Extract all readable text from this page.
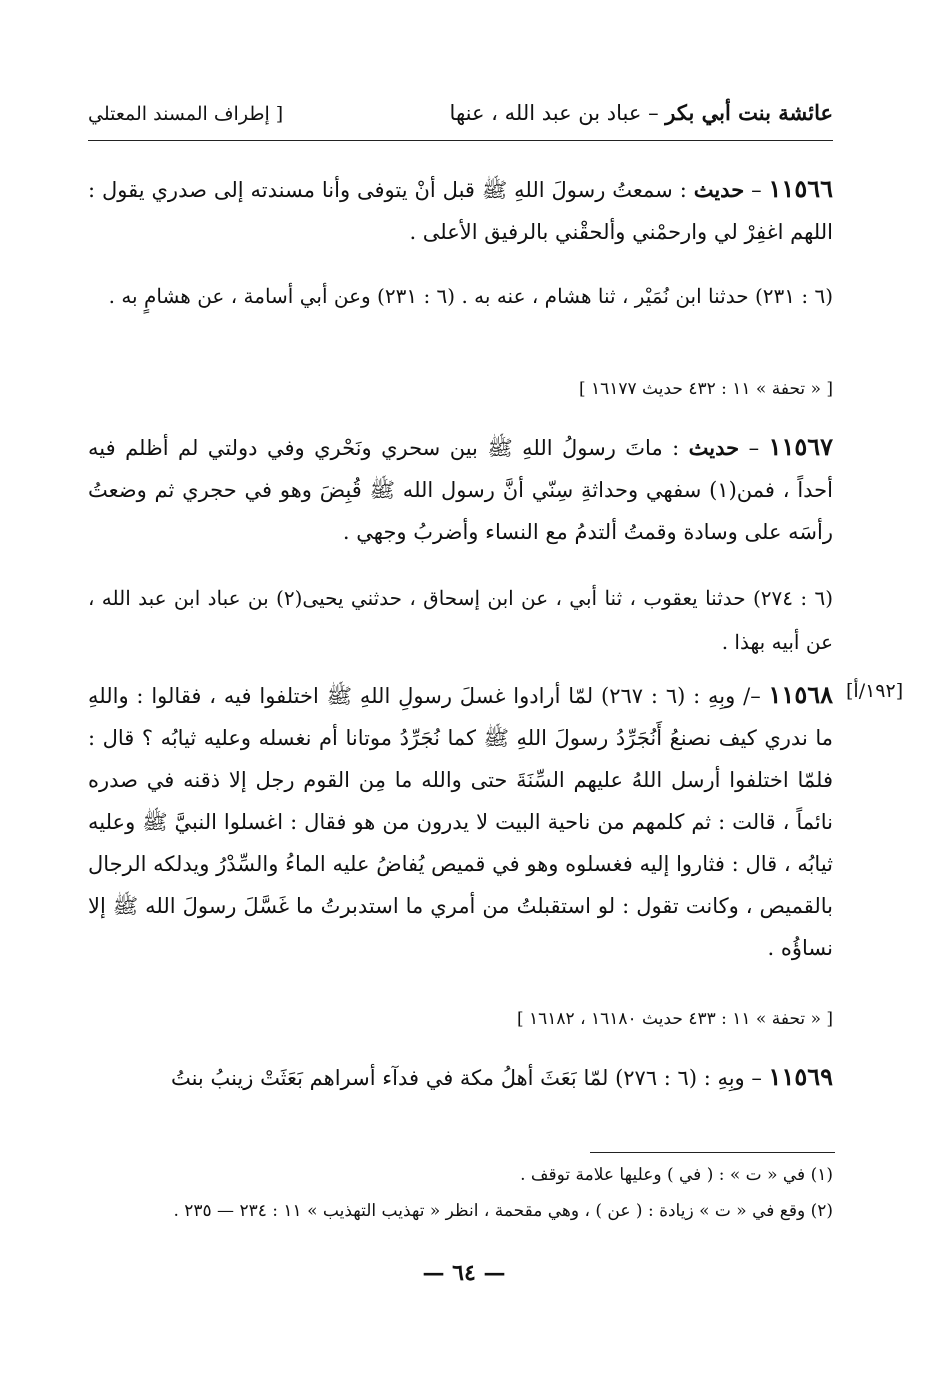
عائشة بنت أبي بكر – عباد بن عبد الله ، عنها
[ إطراف المسند المعتلي
١١٥٦٦ – حديث : سمعتُ رسولَ اللهِ ﷺ قبل أنْ يتوفى وأنا مسندته إلى صدري يقول : اللهم اغفِرْ لي وارحمْني وألحقْني بالرفيق الأعلى .
(٦ : ٢٣١) حدثنا ابن نُمَيْر ، ثنا هشام ، عنه به . (٦ : ٢٣١) وعن أبي أسامة ، عن هشامٍ به .
[ « تحفة » ١١ : ٤٣٢ حديث ١٦١٧٧ ]
١١٥٦٧ – حديث : ماتَ رسولُ اللهِ ﷺ بين سحري ونَحْري وفي دولتي لم أظلم فيه أحداً ، فمن(١) سفهي وحداثةِ سِنّي أنَّ رسول الله ﷺ قُبِضَ وهو في حجري ثم وضعتُ رأسَه على وسادة وقمتُ ألتدمُ مع النساء وأضربُ وجهي .
(٦ : ٢٧٤) حدثنا يعقوب ، ثنا أبي ، عن ابن إسحاق ، حدثني يحيى(٢) بن عباد ابن عبد الله ، عن أبيه بهذا .
[١٩٢/أ]
١١٥٦٨ –/ وبِهِ : (٦ : ٢٦٧) لمّا أرادوا غسلَ رسولِ اللهِ ﷺ اختلفوا فيه ، فقالوا : واللهِ ما ندري كيف نصنعُ أَنُجَرِّدُ رسولَ اللهِ ﷺ كما نُجَرِّدُ موتانا أم نغسله وعليه ثيابُه ؟ قال : فلمّا اختلفوا أرسل اللهُ عليهم السِّنَةَ حتى والله ما مِن القوم رجل إلا ذقنه في صدره نائماً ، قالت : ثم كلمهم من ناحية البيت لا يدرون من هو فقال : اغسلوا النبيَّ ﷺ وعليه ثيابُه ، قال : فثاروا إليه فغسلوه وهو في قميص يُفاضُ عليه الماءُ والسِّدْرُ ويدلكه الرجال بالقميص ، وكانت تقول : لو استقبلتُ من أمري ما استدبرتُ ما غَسَّلَ رسولَ الله ﷺ إلا نساؤُه .
[ « تحفة » ١١ : ٤٣٣ حديث ١٦١٨٠ ، ١٦١٨٢ ]
١١٥٦٩ – وبِهِ : (٦ : ٢٧٦) لمّا بَعَثَ أهلُ مكة في فدآء أسراهم بَعَثَتْ زينبُ بنتُ
(١) في « ت » : ( في ) وعليها علامة توقف .
(٢) وقع في « ت » زيادة : ( عن ) ، وهي مقحمة ، انظر « تهذيب التهذيب » ١١ : ٢٣٤ — ٢٣٥ .
— ٦٤ —
